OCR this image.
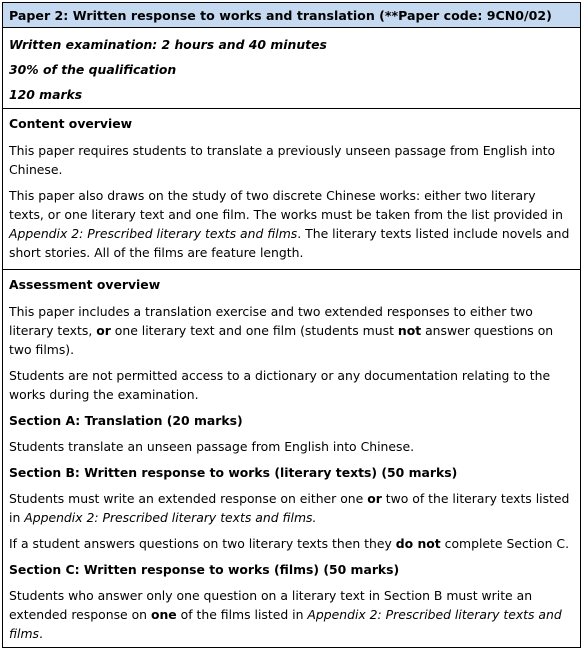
Paper 2: Written response to works and translation (**Paper code: 9CN0/02)

Written examination: 2 hours and 40 minutes

30% of the qualification

120 marks

Content overview

This paper requires students to translate a previously unseen passage from English into Chinese.

This paper also draws on the study of two discrete Chinese works: either two literary texts, or one literary text and one film. The works must be taken from the list provided in Appendix 2: Prescribed literary texts and films. The literary texts listed include novels and short stories. All of the films are feature length.

Assessment overview

This paper includes a translation exercise and two extended responses to either two literary texts, or one literary text and one film (students must not answer questions on two films).

Students are not permitted access to a dictionary or any documentation relating to the works during the examination.

Section A: Translation (20 marks)

Students translate an unseen passage from English into Chinese.

Section B: Written response to works (literary texts) (50 marks)

Students must write an extended response on either one or two of the literary texts listed in Appendix 2: Prescribed literary texts and films.

If a student answers questions on two literary texts then they do not complete Section C.

Section C: Written response to works (films) (50 marks)

Students who answer only one question on a literary text in Section B must write an extended response on one of the films listed in Appendix 2: Prescribed literary texts and films.
